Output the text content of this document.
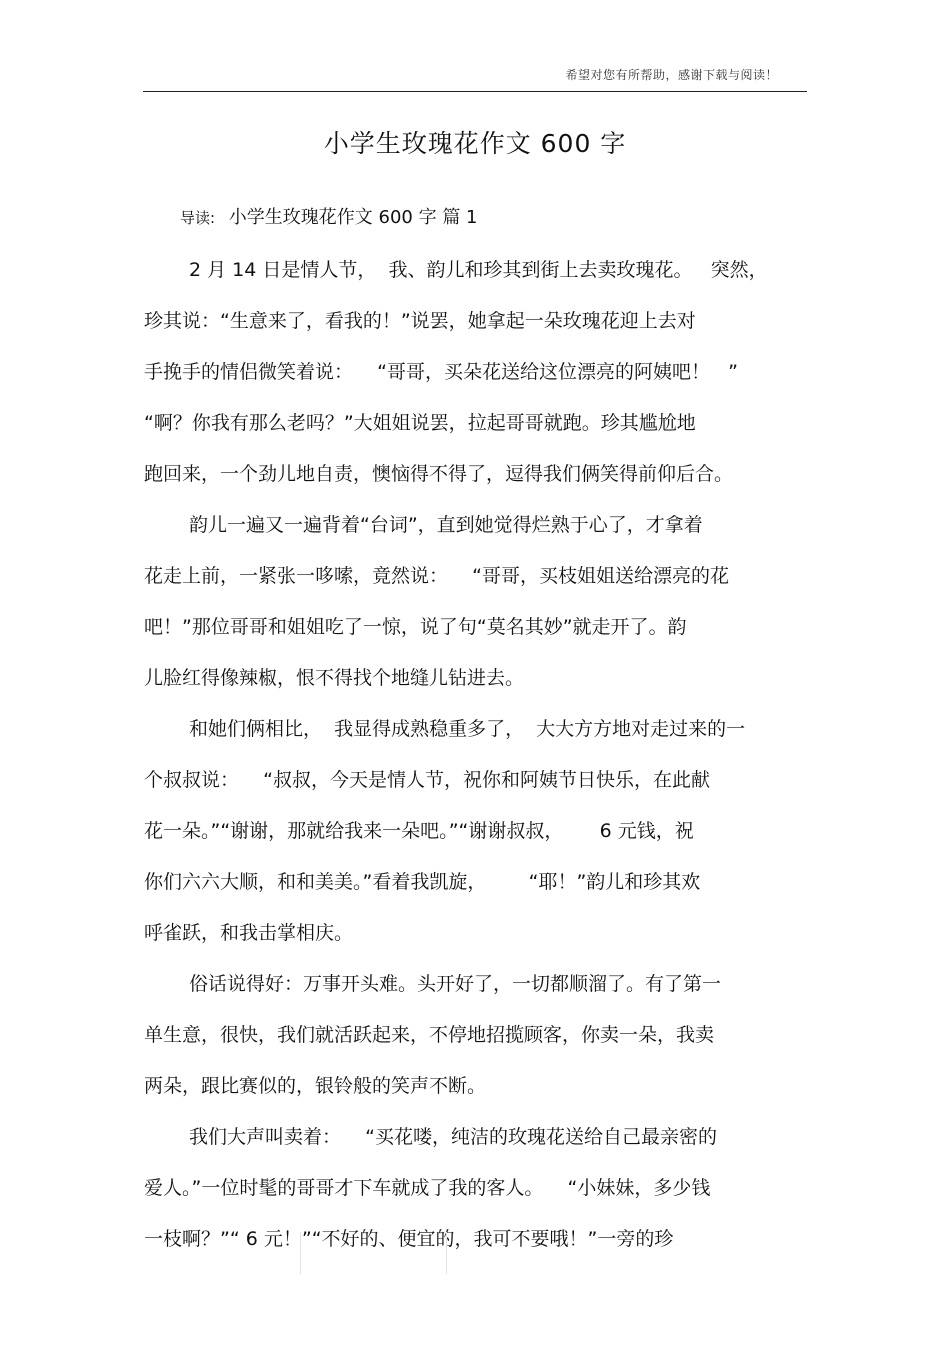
希望对您有所帮助，感谢下载与阅读！
小学生玫瑰花作文 600 字
导读: 小学生玫瑰花作文 600 字 篇 1
2 月 14 日是情人节，  我、韵儿和珍其到街上去卖玫瑰花。   突然，
珍其说：“生意来了，看我的！”说罢，她拿起一朵玫瑰花迎上去对
手挽手的情侣微笑着说：    “哥哥，买朵花送给这位漂亮的阿姨吧！   ”
“啊？你我有那么老吗？”大姐姐说罢，拉起哥哥就跑。珍其尴尬地
跑回来，一个劲儿地自责，懊恼得不得了，逗得我们俩笑得前仰后合。
韵儿一遍又一遍背着“台词”，直到她觉得烂熟于心了，才拿着
花走上前，一紧张一哆嗦，竟然说：    “哥哥，买枝姐姐送给漂亮的花
吧！”那位哥哥和姐姐吃了一惊，说了句“莫名其妙”就走开了。韵
儿脸红得像辣椒，恨不得找个地缝儿钻进去。
和她们俩相比，  我显得成熟稳重多了，  大大方方地对走过来的一
个叔叔说：    “叔叔，今天是情人节，祝你和阿姨节日快乐，在此献
花一朵。”“谢谢，那就给我来一朵吧。”“谢谢叔叔，      6 元钱，祝
你们六六大顺，和和美美。”看着我凯旋，       “耶！”韵儿和珍其欢
呼雀跃，和我击掌相庆。
俗话说得好：万事开头难。头开好了，一切都顺溜了。有了第一
单生意，很快，我们就活跃起来，不停地招揽顾客，你卖一朵，我卖
两朵，跟比赛似的，银铃般的笑声不断。
我们大声叫卖着：    “买花喽，纯洁的玫瑰花送给自己最亲密的
爱人。”一位时髦的哥哥才下车就成了我的客人。    “小妹妹，多少钱
一枝啊？”“ 6 元！”“不好的、便宜的，我可不要哦！”一旁的珍
